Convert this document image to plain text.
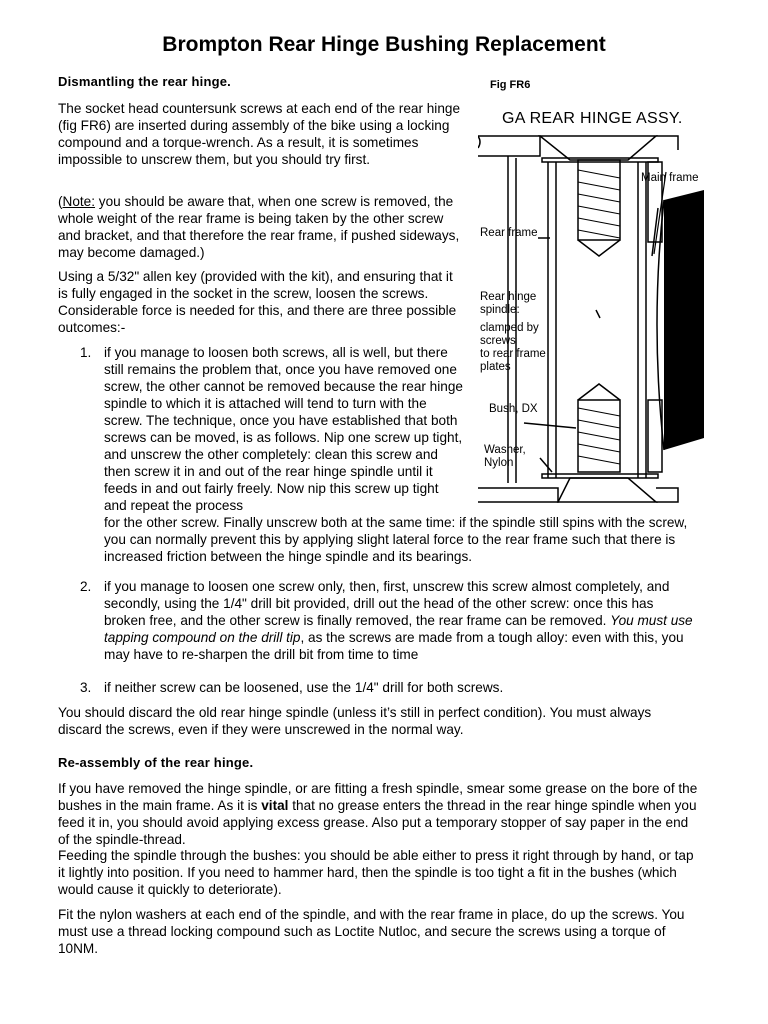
Brompton Rear Hinge Bushing Replacement

Dismantling the rear hinge.

The socket head countersunk screws at each end of the rear hinge (fig FR6) are inserted during assembly of the bike using a locking compound and a torque-wrench. As a result, it is sometimes impossible to unscrew them, but you should try first.

(Note: you should be aware that, when one screw is removed, the whole weight of the rear frame is being taken by the other screw and bracket, and that therefore the rear frame, if pushed sideways, may become damaged.)

Using a 5/32" allen key (provided with the kit), and ensuring that it is fully engaged in the socket in the screw, loosen the screws. Considerable force is needed for this, and there are three possible outcomes:-

1. if you manage to loosen both screws, all is well, but there still remains the problem that, once you have removed one screw, the other cannot be removed because the rear hinge spindle to which it is attached will tend to turn with the screw. The technique, once you have established that both screws can be moved, is as follows. Nip one screw up tight, and unscrew the other completely: clean this screw and then screw it in and out of the rear hinge spindle until it feeds in and out fairly freely. Now nip this screw up tight and repeat the process
for the other screw. Finally unscrew both at the same time: if the spindle still spins with the screw, you can normally prevent this by applying slight lateral force to the rear frame such that there is increased friction between the hinge spindle and its bearings.
2. if you manage to loosen one screw only, then, first, unscrew this screw almost completely, and secondly, using the 1/4" drill bit provided, drill out the head of the other screw: once this has broken free, and the other screw is finally removed, the rear frame can be removed. You must use tapping compound on the drill tip, as the screws are made from a tough alloy: even with this, you may have to re-sharpen the drill bit from time to time
3. if neither screw can be loosened, use the 1/4" drill for both screws.

You should discard the old rear hinge spindle (unless it’s still in perfect condition). You must always discard the screws, even if they were unscrewed in the normal way.

Re-assembly of the rear hinge.

If you have removed the hinge spindle, or are fitting a fresh spindle, smear some grease on the bore of the bushes in the main frame. As it is vital that no grease enters the thread in the rear hinge spindle when you feed it in, you should avoid applying excess grease. Also put a temporary stopper of say paper in the end of the spindle-thread.

Feeding the spindle through the bushes: you should be able either to press it right through by hand, or tap it lightly into position. If you need to hammer hard, then the spindle is too tight a fit in the bushes (which would cause it quickly to deteriorate).

Fit the nylon washers at each end of the spindle, and with the rear frame in place, do up the screws. You must use a thread locking compound such as Loctite Nutloc, and secure the screws using a torque of 10NM.

Fig FR6
GA REAR HINGE ASSY.
Main frame
Rear frame
Rear hinge
spindle:
clamped by
screws
to rear frame
plates
Bush, DX
Washer,
Nylon
